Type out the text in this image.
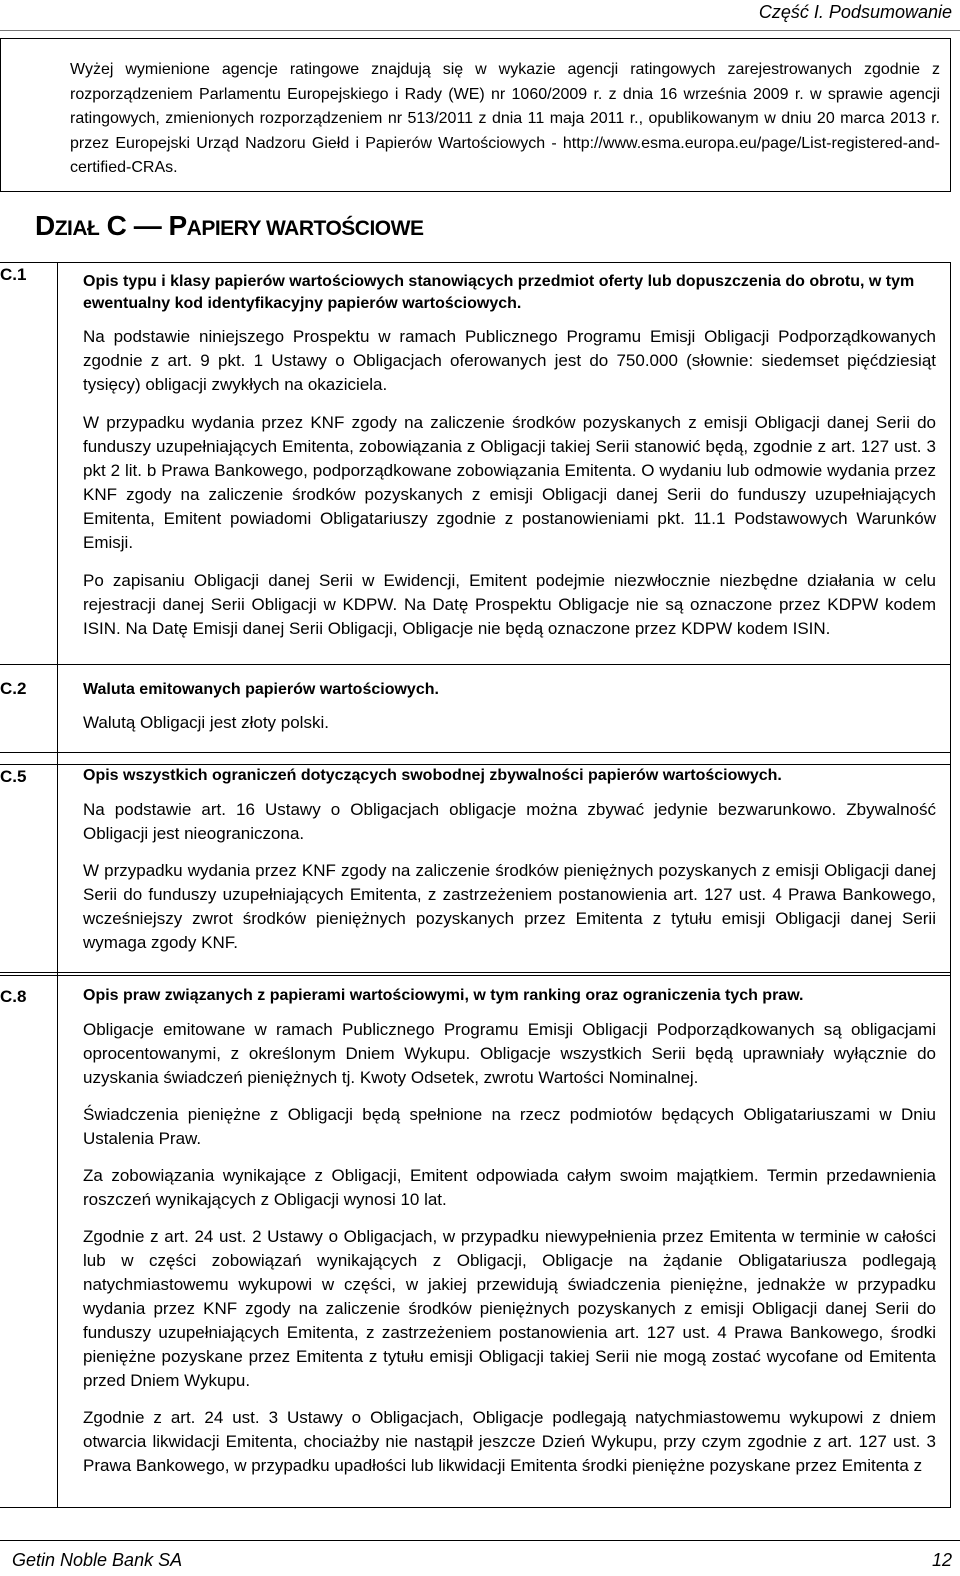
Część I. Podsumowanie

Wyżej wymienione agencje ratingowe znajdują się w wykazie agencji ratingowych zarejestrowanych zgodnie z rozporządzeniem Parlamentu Europejskiego i Rady (WE) nr 1060/2009 r. z dnia 16 września 2009 r. w sprawie agencji ratingowych, zmienionych rozporządzeniem nr 513/2011 z dnia 11 maja 2011 r., opublikowanym w dniu 20 marca 2013 r. przez Europejski Urząd Nadzoru Giełd i Papierów Wartościowych - http://www.esma.europa.eu/page/List-registered-and-certified-CRAs.

DZIAŁ C — PAPIERY WARTOŚCIOWE
C.1	Opis typu i klasy papierów wartościowych stanowiących przedmiot oferty lub dopuszczenia do obrotu, w tym ewentualny kod identyfikacyjny papierów wartościowych.

Na podstawie niniejszego Prospektu w ramach Publicznego Programu Emisji Obligacji Podporządkowanych zgodnie z art. 9 pkt. 1 Ustawy o Obligacjach oferowanych jest do 750.000 (słownie: siedemset pięćdziesiąt tysięcy) obligacji zwykłych na okaziciela.

W przypadku wydania przez KNF zgody na zaliczenie środków pozyskanych z emisji Obligacji danej Serii do funduszy uzupełniających Emitenta, zobowiązania z Obligacji takiej Serii stanowić będą, zgodnie z art. 127 ust. 3 pkt 2 lit. b Prawa Bankowego, podporządkowane zobowiązania Emitenta. O wydaniu lub odmowie wydania przez KNF zgody na zaliczenie środków pozyskanych z emisji Obligacji danej Serii do funduszy uzupełniających Emitenta, Emitent powiadomi Obligatariuszy zgodnie z postanowieniami pkt. 11.1 Podstawowych Warunków Emisji.

Po zapisaniu Obligacji danej Serii w Ewidencji, Emitent podejmie niezwłocznie niezbędne działania w celu rejestracji danej Serii Obligacji w KDPW. Na Datę Prospektu Obligacje nie są oznaczone przez KDPW kodem ISIN. Na Datę Emisji danej Serii Obligacji, Obligacje nie będą oznaczone przez KDPW kodem ISIN.

C.2	Waluta emitowanych papierów wartościowych.

Walutą Obligacji jest złoty polski.

C.5	Opis wszystkich ograniczeń dotyczących swobodnej zbywalności papierów wartościowych.

Na podstawie art. 16 Ustawy o Obligacjach obligacje można zbywać jedynie bezwarunkowo. Zbywalność Obligacji jest nieograniczona.

W przypadku wydania przez KNF zgody na zaliczenie środków pieniężnych pozyskanych z emisji Obligacji danej Serii do funduszy uzupełniających Emitenta, z zastrzeżeniem postanowienia art. 127 ust. 4 Prawa Bankowego, wcześniejszy zwrot środków pieniężnych pozyskanych przez Emitenta z tytułu emisji Obligacji danej Serii wymaga zgody KNF.

C.8	Opis praw związanych z papierami wartościowymi, w tym ranking oraz ograniczenia tych praw.

Obligacje emitowane w ramach Publicznego Programu Emisji Obligacji Podporządkowanych są obligacjami oprocentowanymi, z określonym Dniem Wykupu. Obligacje wszystkich Serii będą uprawniały wyłącznie do uzyskania świadczeń pieniężnych tj. Kwoty Odsetek, zwrotu Wartości Nominalnej.

Świadczenia pieniężne z Obligacji będą spełnione na rzecz podmiotów będących Obligatariuszami w Dniu Ustalenia Praw.

Za zobowiązania wynikające z Obligacji, Emitent odpowiada całym swoim majątkiem. Termin przedawnienia roszczeń wynikających z Obligacji wynosi 10 lat.

Zgodnie z art. 24 ust. 2 Ustawy o Obligacjach, w przypadku niewypełnienia przez Emitenta w terminie w całości lub w części zobowiązań wynikających z Obligacji, Obligacje na żądanie Obligatariusza podlegają natychmiastowemu wykupowi w części, w jakiej przewidują świadczenia pieniężne, jednakże w przypadku wydania przez KNF zgody na zaliczenie środków pieniężnych pozyskanych z emisji Obligacji danej Serii do funduszy uzupełniających Emitenta, z zastrzeżeniem postanowienia art. 127 ust. 4 Prawa Bankowego, środki pieniężne pozyskane przez Emitenta z tytułu emisji Obligacji takiej Serii nie mogą zostać wycofane od Emitenta przed Dniem Wykupu.

Zgodnie z art. 24 ust. 3 Ustawy o Obligacjach, Obligacje podlegają natychmiastowemu wykupowi z dniem otwarcia likwidacji Emitenta, chociażby nie nastąpił jeszcze Dzień Wykupu, przy czym zgodnie z art. 127 ust. 3 Prawa Bankowego, w przypadku upadłości lub likwidacji Emitenta środki pieniężne pozyskane przez Emitenta z

Getin Noble Bank SA	12
